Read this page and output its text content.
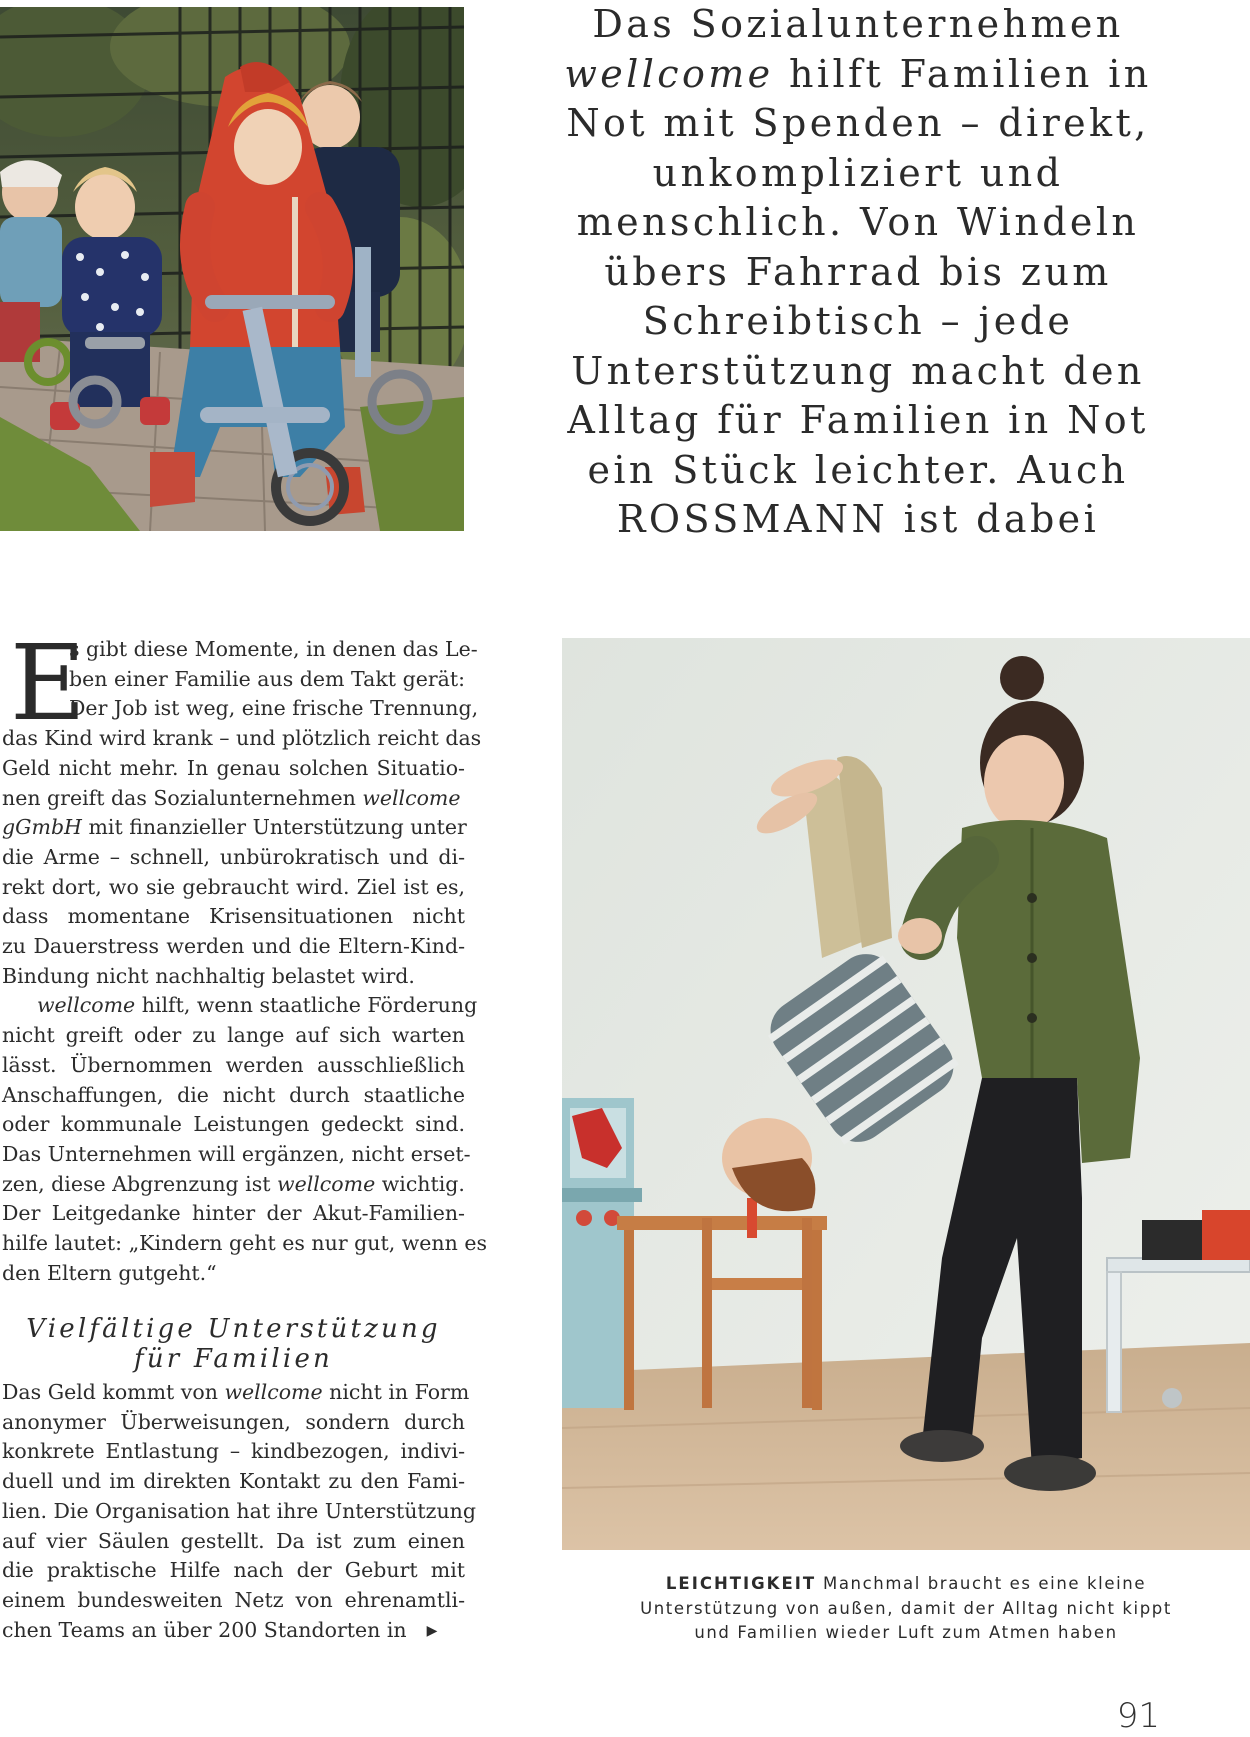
Das Sozialunternehmen
wellcome hilft Familien in
Not mit Spenden – direkt,
unkompliziert und
menschlich. Von Windeln
übers Fahrrad bis zum
Schreibtisch – jede
Unterstützung macht den
Alltag für Familien in Not
ein Stück leichter. Auch
ROSSMANN ist dabei
E
s gibt diese Momente, in denen das Le-
ben einer Familie aus dem Takt gerät:
Der Job ist weg, eine frische Trennung,
das Kind wird krank – und plötzlich reicht das
Geld nicht mehr. In genau solchen Situatio-
nen greift das Sozialunternehmen wellcome
gGmbH mit finanzieller Unterstützung unter
die Arme – schnell, unbürokratisch und di-
rekt dort, wo sie gebraucht wird. Ziel ist es,
dass momentane Krisensituationen nicht
zu Dauerstress werden und die Eltern-Kind-
Bindung nicht nachhaltig belastet wird.
wellcome hilft, wenn staatliche Förderung
nicht greift oder zu lange auf sich warten
lässt. Übernommen werden ausschließlich
Anschaffungen, die nicht durch staatliche
oder kommunale Leistungen gedeckt sind.
Das Unternehmen will ergänzen, nicht erset-
zen, diese Abgrenzung ist wellcome wichtig.
Der Leitgedanke hinter der Akut-Familien-
hilfe lautet: „Kindern geht es nur gut, wenn es
den Eltern gutgeht.“
Vielfältige Unterstützung
für Familien
Das Geld kommt von wellcome nicht in Form
anonymer Überweisungen, sondern durch
konkrete Entlastung – kindbezogen, indivi-
duell und im direkten Kontakt zu den Fami-
lien. Die Organisation hat ihre Unterstützung
auf vier Säulen gestellt. Da ist zum einen
die praktische Hilfe nach der Geburt mit
einem bundesweiten Netz von ehrenamtli-
chen Teams an über 200 Standorten in ▶
LEICHTIGKEIT Manchmal braucht es eine kleine
Unterstützung von außen, damit der Alltag nicht kippt
und Familien wieder Luft zum Atmen haben
91
